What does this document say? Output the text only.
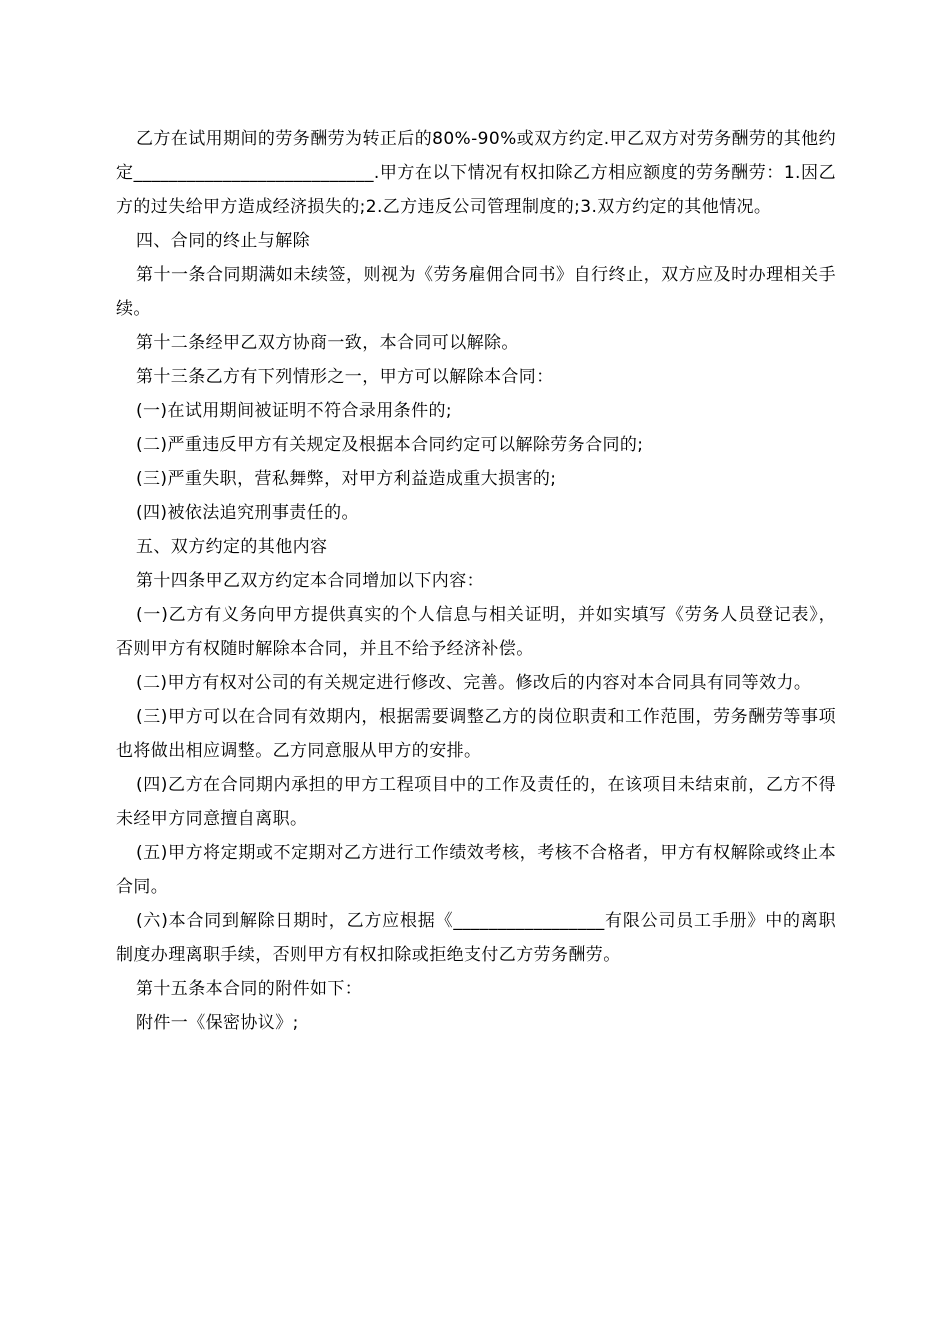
乙方在试用期间的劳务酬劳为转正后的80%-90%或双方约定.甲乙双方对劳务酬劳的其他约定___________________________.甲方在以下情况有权扣除乙方相应额度的劳务酬劳：1.因乙方的过失给甲方造成经济损失的;2.乙方违反公司管理制度的;3.双方约定的其他情况。

四、合同的终止与解除

第十一条合同期满如未续签，则视为《劳务雇佣合同书》自行终止，双方应及时办理相关手续。

第十二条经甲乙双方协商一致，本合同可以解除。

第十三条乙方有下列情形之一，甲方可以解除本合同：

(一)在试用期间被证明不符合录用条件的;

(二)严重违反甲方有关规定及根据本合同约定可以解除劳务合同的;

(三)严重失职，营私舞弊，对甲方利益造成重大损害的;

(四)被依法追究刑事责任的。

五、双方约定的其他内容

第十四条甲乙双方约定本合同增加以下内容：

(一)乙方有义务向甲方提供真实的个人信息与相关证明，并如实填写《劳务人员登记表》，否则甲方有权随时解除本合同，并且不给予经济补偿。

(二)甲方有权对公司的有关规定进行修改、完善。修改后的内容对本合同具有同等效力。

(三)甲方可以在合同有效期内，根据需要调整乙方的岗位职责和工作范围，劳务酬劳等事项也将做出相应调整。乙方同意服从甲方的安排。

(四)乙方在合同期内承担的甲方工程项目中的工作及责任的，在该项目未结束前，乙方不得未经甲方同意擅自离职。

(五)甲方将定期或不定期对乙方进行工作绩效考核，考核不合格者，甲方有权解除或终止本合同。

(六)本合同到解除日期时，乙方应根据《_________________有限公司员工手册》中的离职制度办理离职手续，否则甲方有权扣除或拒绝支付乙方劳务酬劳。

第十五条本合同的附件如下：

附件一《保密协议》;
